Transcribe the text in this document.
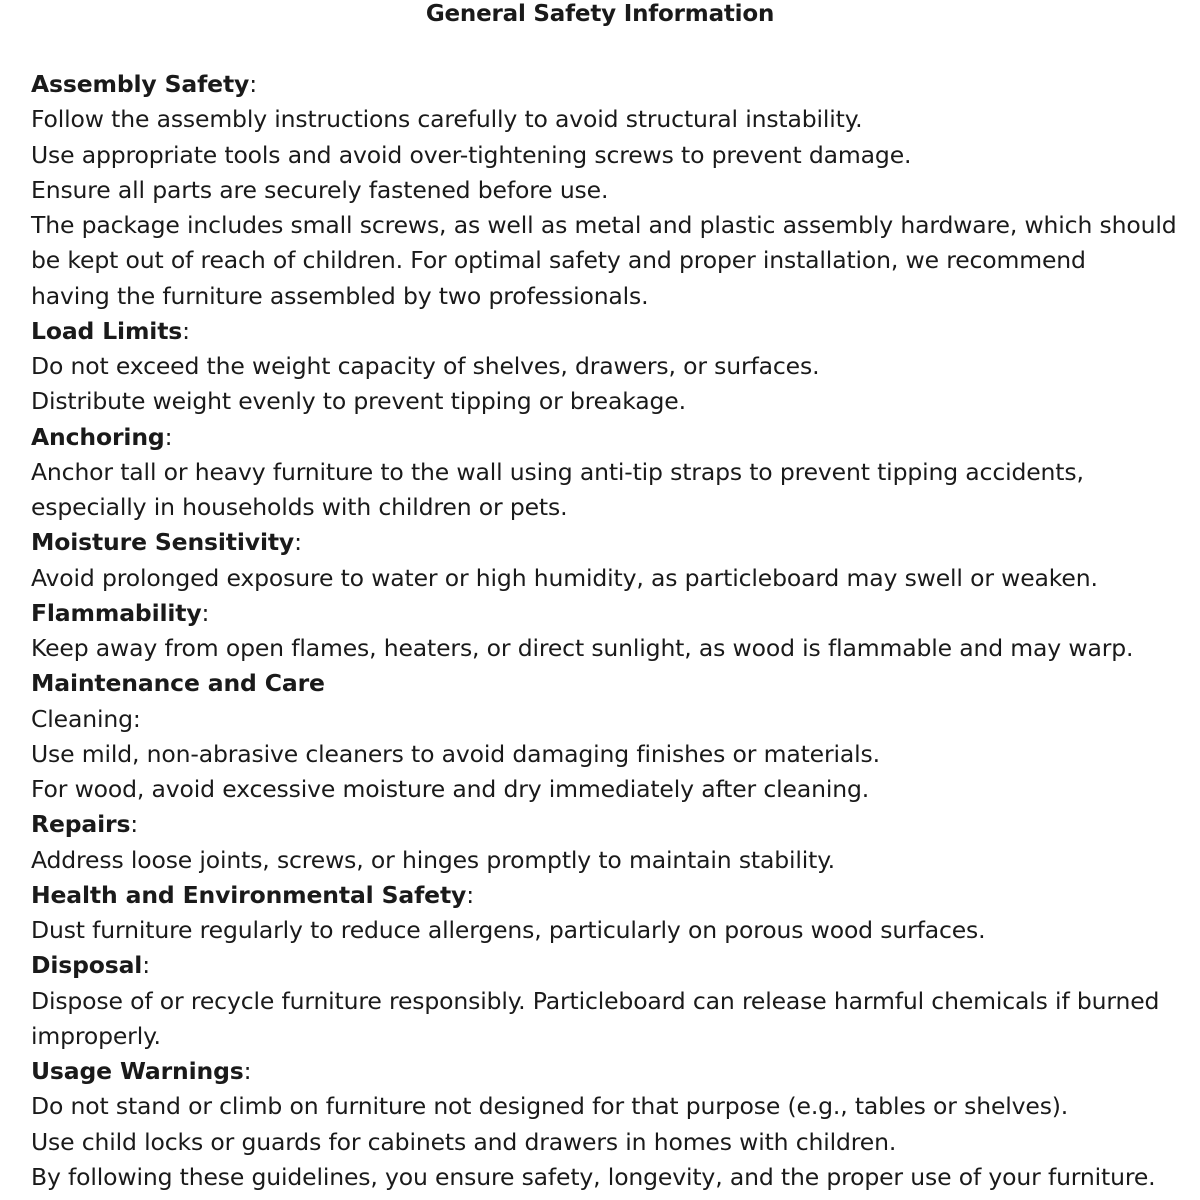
General Safety Information
Assembly Safety:
Follow the assembly instructions carefully to avoid structural instability.
Use appropriate tools and avoid over-tightening screws to prevent damage.
Ensure all parts are securely fastened before use.
The package includes small screws, as well as metal and plastic assembly hardware, which should
be kept out of reach of children. For optimal safety and proper installation, we recommend
having the furniture assembled by two professionals.
Load Limits:
Do not exceed the weight capacity of shelves, drawers, or surfaces.
Distribute weight evenly to prevent tipping or breakage.
Anchoring:
Anchor tall or heavy furniture to the wall using anti-tip straps to prevent tipping accidents,
especially in households with children or pets.
Moisture Sensitivity:
Avoid prolonged exposure to water or high humidity, as particleboard may swell or weaken.
Flammability:
Keep away from open flames, heaters, or direct sunlight, as wood is flammable and may warp.
Maintenance and Care
Cleaning:
Use mild, non-abrasive cleaners to avoid damaging finishes or materials.
For wood, avoid excessive moisture and dry immediately after cleaning.
Repairs:
Address loose joints, screws, or hinges promptly to maintain stability.
Health and Environmental Safety:
Dust furniture regularly to reduce allergens, particularly on porous wood surfaces.
Disposal:
Dispose of or recycle furniture responsibly. Particleboard can release harmful chemicals if burned
improperly.
Usage Warnings:
Do not stand or climb on furniture not designed for that purpose (e.g., tables or shelves).
Use child locks or guards for cabinets and drawers in homes with children.
By following these guidelines, you ensure safety, longevity, and the proper use of your furniture.
